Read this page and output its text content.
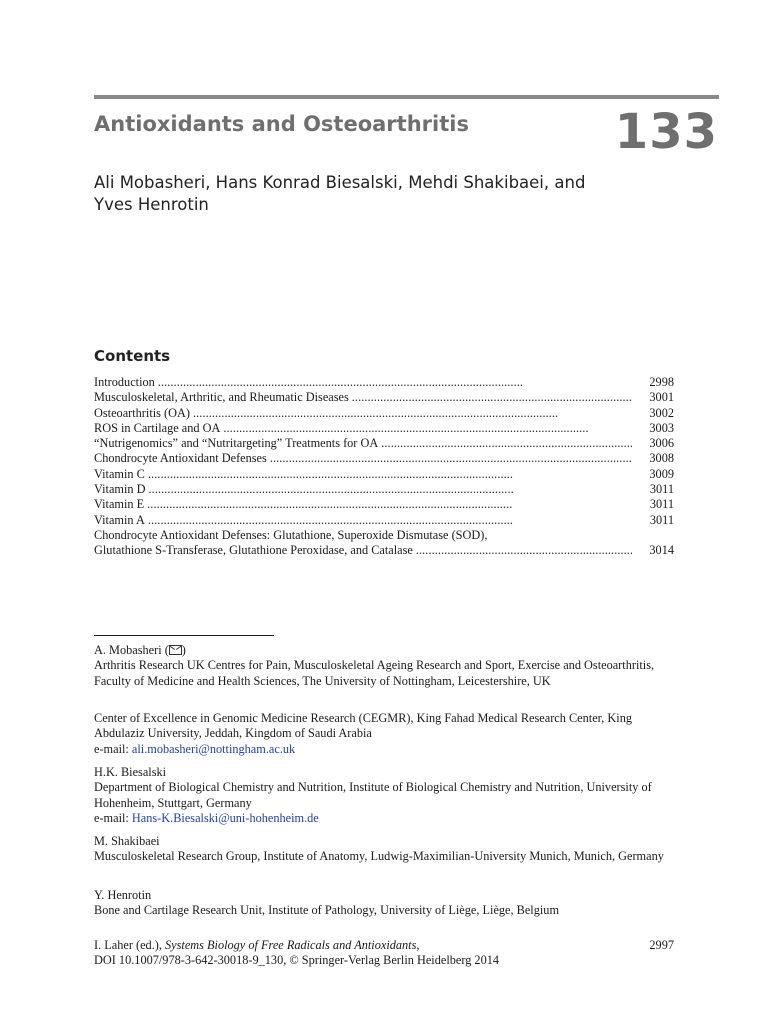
Antioxidants and Osteoarthritis	133
Ali Mobasheri, Hans Konrad Biesalski, Mehdi Shakibaei, and
Yves Henrotin
Contents
Introduction . . .	2998
Musculoskeletal, Arthritic, and Rheumatic Diseases . . .	3001
Osteoarthritis (OA) . . .	3002
ROS in Cartilage and OA . . .	3003
“Nutrigenomics” and “Nutritargeting” Treatments for OA . . .	3006
Chondrocyte Antioxidant Defenses . . .	3008
Vitamin C . . .	3009
Vitamin D . . .	3011
Vitamin E . . .	3011
Vitamin A . . .	3011
Chondrocyte Antioxidant Defenses: Glutathione, Superoxide Dismutase (SOD),
Glutathione S-Transferase, Glutathione Peroxidase, and Catalase . . .	3014

A. Mobasheri ( )

Arthritis Research UK Centres for Pain, Musculoskeletal Ageing Research and Sport, Exercise and Osteoarthritis, Faculty of Medicine and Health Sciences, The University of Nottingham, Leicestershire, UK

Center of Excellence in Genomic Medicine Research (CEGMR), King Fahad Medical Research Center, King Abdulaziz University, Jeddah, Kingdom of Saudi Arabia

e-mail: ali.mobasheri@nottingham.ac.uk

H.K. Biesalski

Department of Biological Chemistry and Nutrition, Institute of Biological Chemistry and Nutrition, University of Hohenheim, Stuttgart, Germany

e-mail: Hans-K.Biesalski@uni-hohenheim.de

M. Shakibaei

Musculoskeletal Research Group, Institute of Anatomy, Ludwig-Maximilian-University Munich, Munich, Germany

Y. Henrotin

Bone and Cartilage Research Unit, Institute of Pathology, University of Liège, Liège, Belgium

I. Laher (ed.), Systems Biology of Free Radicals and Antioxidants,	2997
DOI 10.1007/978-3-642-30018-9_130, © Springer-Verlag Berlin Heidelberg 2014
